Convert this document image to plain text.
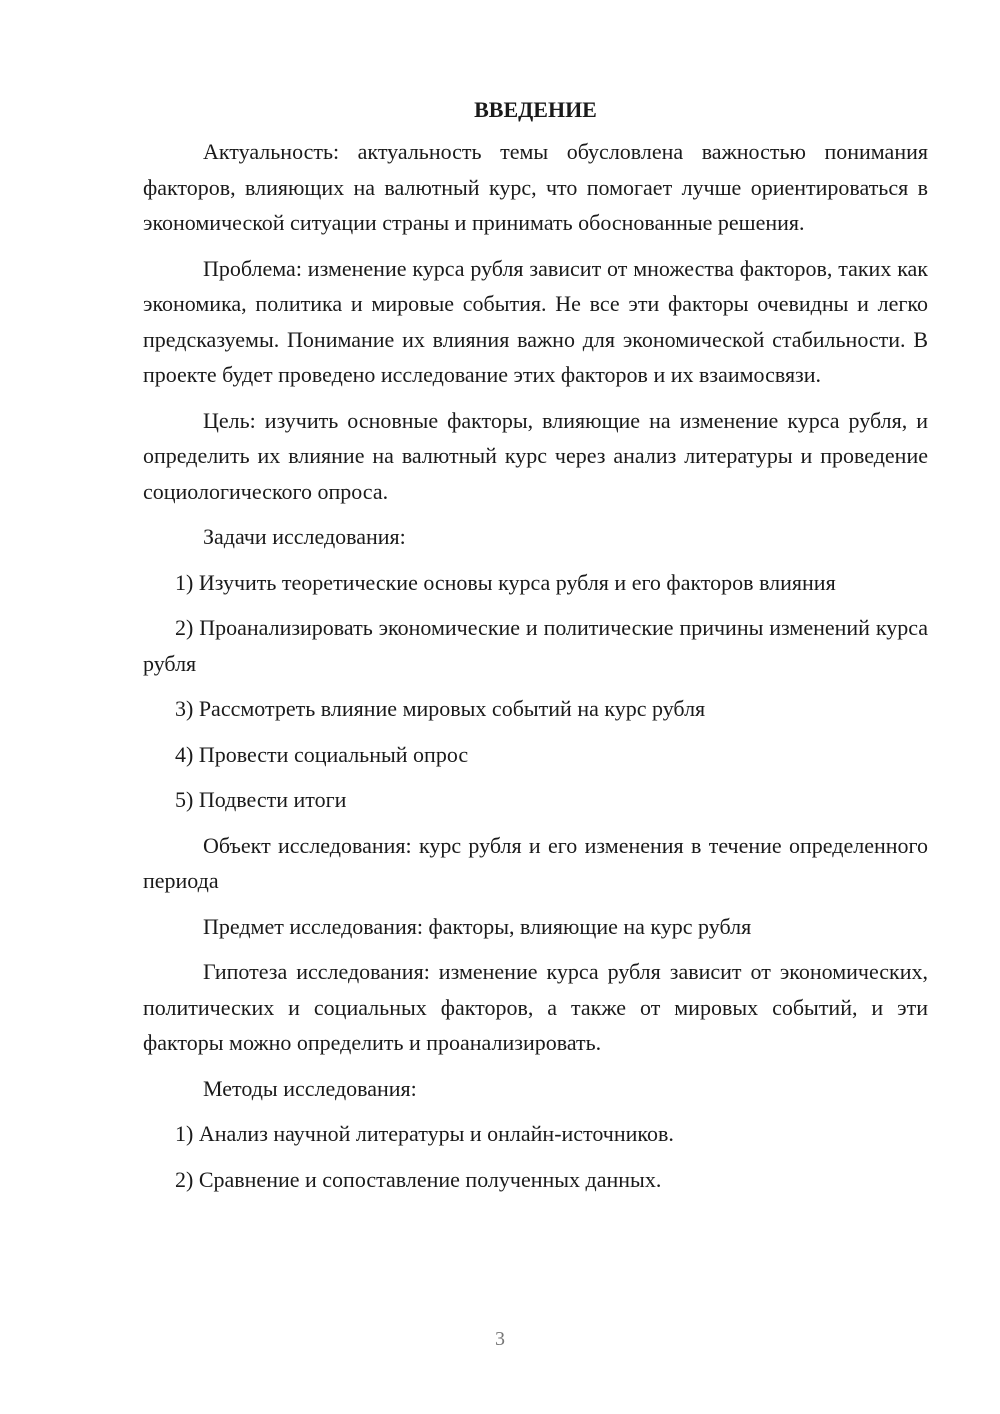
ВВЕДЕНИЕ

Актуальность: актуальность темы обусловлена важностью понимания факторов, влияющих на валютный курс, что помогает лучше ориентироваться в экономической ситуации страны и принимать обоснованные решения.

Проблема: изменение курса рубля зависит от множества факторов, таких как экономика, политика и мировые события. Не все эти факторы очевидны и легко предсказуемы. Понимание их влияния важно для экономической стабильности. В проекте будет проведено исследование этих факторов и их взаимосвязи.

Цель: изучить основные факторы, влияющие на изменение курса рубля, и определить их влияние на валютный курс через анализ литературы и проведение социологического опроса.

Задачи исследования:

1) Изучить теоретические основы курса рубля и его факторов влияния

2) Проанализировать экономические и политические причины изменений курса рубля

3) Рассмотреть влияние мировых событий на курс рубля

4) Провести социальный опрос

5) Подвести итоги

Объект исследования: курс рубля и его изменения в течение определенного периода

Предмет исследования: факторы, влияющие на курс рубля

Гипотеза исследования: изменение курса рубля зависит от экономических, политических и социальных факторов, а также от мировых событий, и эти факторы можно определить и проанализировать.

Методы исследования:

1) Анализ научной литературы и онлайн-источников.

2) Сравнение и сопоставление полученных данных.

3
